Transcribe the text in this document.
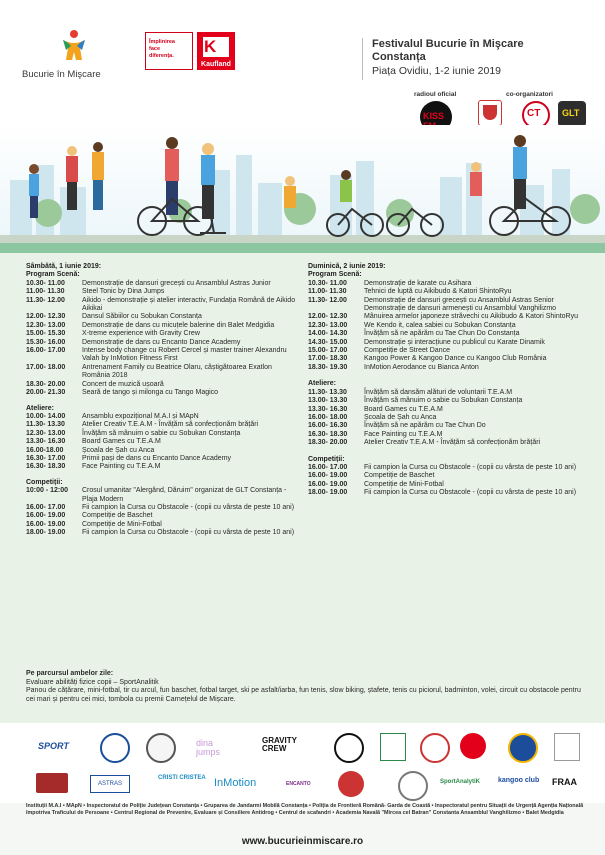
Bucurie în Mişcare
Împlinirea
face
diferența.	K
Kaufland
Festivalul Bucurie în Mişcare
Constanța
Piața Ovidiu, 1-2 iunie 2019
radioul oficial	co-organizatori
KISS	CT GLT
Sâmbătă, 1 iunie 2019:
Program Scenă:
10.30- 11.00	Demonstrație de dansuri grecești cu Ansamblul Astras Junior
11.00- 11.30	Steel Tonic by Dina Jumps
11.30- 12.00	Aikido - demonstrație și atelier interactiv, Fundația Română de Aikido Aikikai
12.00- 12.30	Dansul Săbiilor cu Sobukan Constanța
12.30- 13.00	Demonstrație de dans cu micuțele balerine din Balet Medgidia
15.00- 15.30	X-treme experience with Gravity Crew
15.30- 16.00	Demonstrație de dans cu Encanto Dance Academy
16.00- 17.00	Intense body change cu Robert Cercel și master trainer Alexandru Valah by InMotion Fitness First
17.00- 18.00	Antrenament Family cu Beatrice Olaru, câștigătoarea Exatlon România 2018
18.30- 20.00	Concert de muzică ușoară
20.00- 21.30	Seară de tango și milonga cu Tango Magico
Ateliere:
10.00- 14.00	Ansamblu expozițional M.A.I și MApN
11.30- 13.30	Atelier Creativ T.E.A.M - Învățăm să confecționăm brățări
12.30- 13.00	Învățăm să mânuim o sabie cu Sobukan Constanța
13.30- 16.30	Board Games cu T.E.A.M
16.00-18.00	Școala de Șah cu Anca
16.30- 17.00	Primii pași de dans cu Encanto Dance Academy
16.30- 18.30	Face Painting cu T.E.A.M
Competiții:
10:00 - 12:00	Crosul umanitar "Alergând, Dăruim" organizat de GLT Constanța - Plaja Modern
16.00- 17.00	Fii campion la Cursa cu Obstacole - (copii cu vârsta de peste 10 ani)
16.00- 19.00	Competiție de Baschet
16.00- 19.00	Competiție de Mini-Fotbal
18.00- 19.00	Fii campion la Cursa cu Obstacole - (copii cu vârsta de peste 10 ani)
Duminică, 2 iunie 2019:
Program Scenă:
10.30- 11.00	Demonstrație de karate cu Asihara
11.00- 11.30	Tehnici de luptă cu Aikibudo & Katori ShintoRyu
11.30- 12.00	Demonstrație de dansuri grecești cu Ansamblul Astras Senior
Demonstrație de dansuri armenești cu Ansamblul Vanghilizmo
12.00- 12.30	Mânuirea armelor japoneze străvechi cu Aikibudo & Katori ShintoRyu
12.30- 13.00	We Kendo it, calea sabiei cu Sobukan Constanța
14.00- 14.30	Învățăm să ne apărăm cu Tae Chun Do Constanța
14.30- 15.00	Demonstrație și interacțiune cu publicul cu Karate Dinamik
15.00- 17.00	Competiție de Street Dance
17.00- 18.30	Kangoo Power & Kangoo Dance cu Kangoo Club România
18.30- 19.30	InMotion Aerodance cu Bianca Anton
Ateliere:
11.30- 13.30	Învățăm să dansăm alături de voluntarii T.E.A.M
13.00- 13.30	Învățăm să mânuim o sabie cu Sobukan Constanța
13.30- 16.30	Board Games cu T.E.A.M
16.00- 18.00	Școala de Șah cu Anca
16.00- 16.30	Învățăm să ne apărăm cu Tae Chun Do
16.30- 18.30	Face Painting cu T.E.A.M
18.30- 20.00	Atelier Creativ T.E.A.M - Învățăm să confecționăm brățări
Competiții:
16.00- 17.00	Fii campion la Cursa cu Obstacole - (copii cu vârsta de peste 10 ani)
16.00- 19.00	Competiție de Baschet
16.00- 19.00	Competiție de Mini-Fotbal
18.00- 19.00	Fii campion la Cursa cu Obstacole - (copii cu vârsta de peste 10 ani)
Pe parcursul ambelor zile:
Evaluare abilități fizice copii – SportAnalitik
Panou de cățărare, mini-fotbal, tir cu arcul, fun baschet, fotbal target, ski pe asfalt/iarba, fun tenis, slow biking, ștafete, tenis cu piciorul, badminton, volei, circuit cu obstacole pentru cei mari și pentru cei mici, tombola cu premii Carnețelul de Mișcare.
SPORT	dina jumps
GRAVITY CREW
ASTRAS
CRISTI CRISTEA InMotion	ENCANTO	SportAnalytiK	kangoo club FRAA
Instituții M.A.I • MApN • Inspectoratul de Poliție Județean Constanța • Gruparea de Jandarmi Mobilă Constanța • Poliția de Frontieră Română- Garda de Coastă • Inspectoratul pentru Situații de Urgență Agenția Națională împotriva Traficului de Persoane • Centrul Regional de Prevenire, Evaluare și Consiliere Antidrog • Centrul de scafandri • Academia Navală "Mircea cel Batran" Constanta Ansamblul Vanghilizmo • Balet Medgidia
www.bucurieinmiscare.ro
